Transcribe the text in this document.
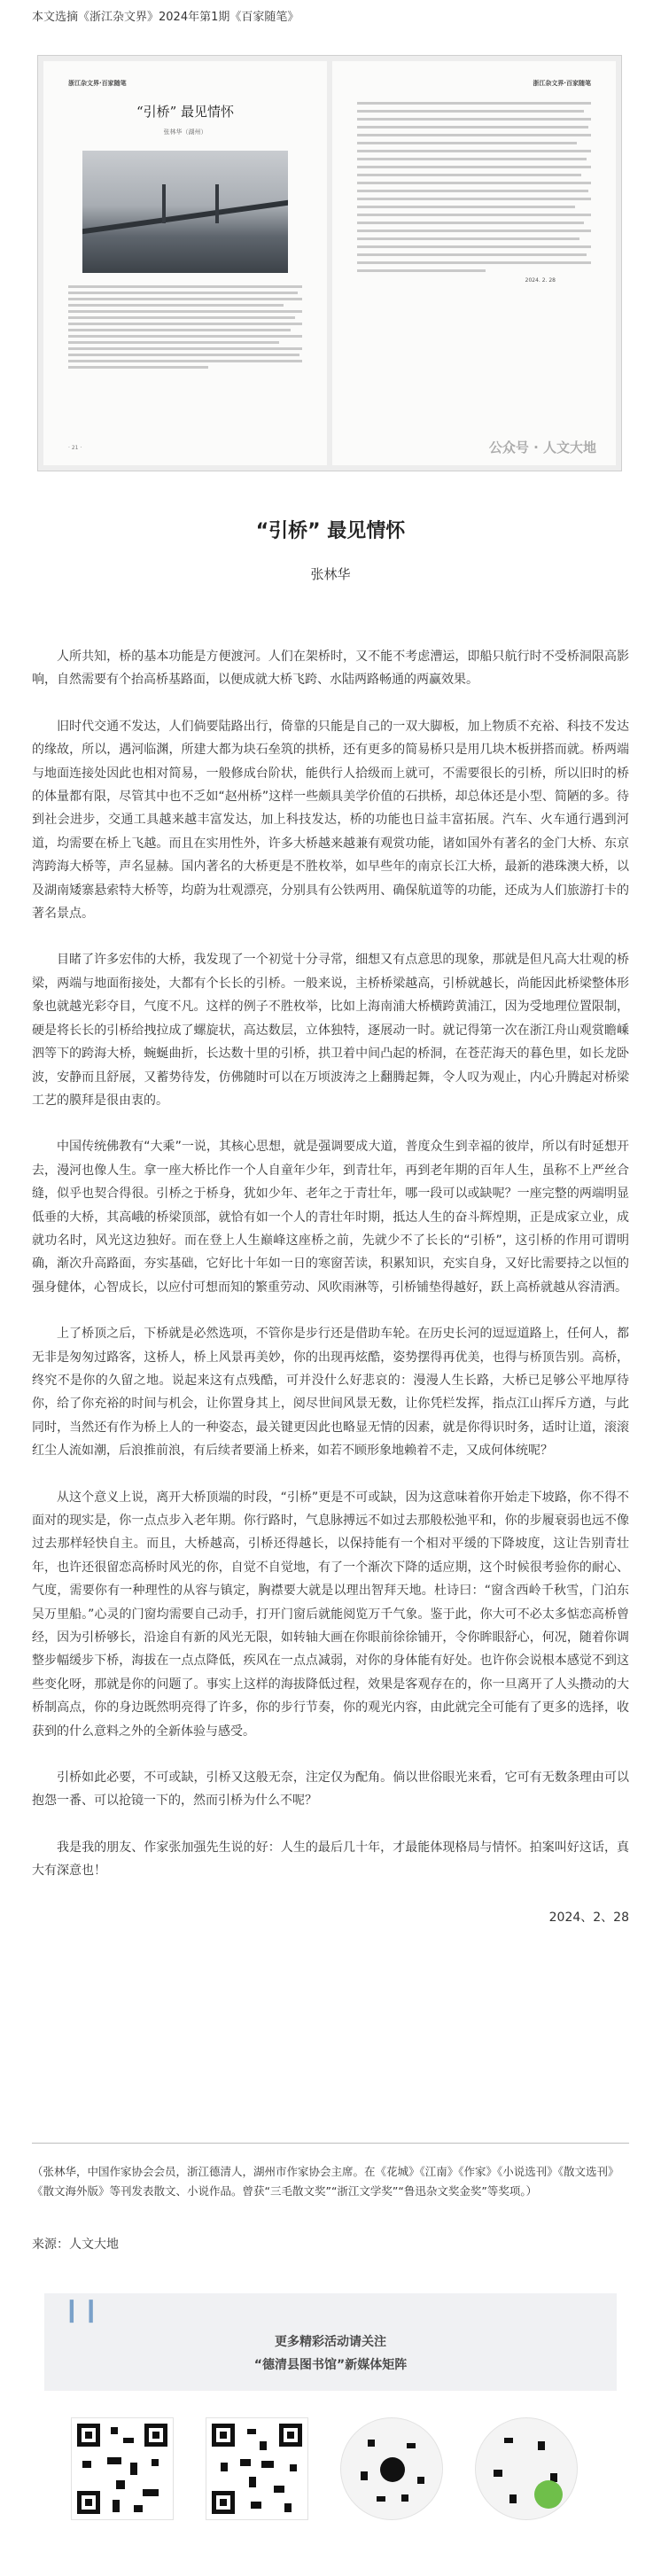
本文选摘《浙江杂文界》2024年第1期《百家随笔》
浙江杂文界·百家随笔
“引桥” 最见情怀
张林华（湖州）
· 21 ·
浙江杂文界·百家随笔
2024. 2. 28
公众号 · 人文大地
“引桥” 最见情怀
张林华

人所共知，桥的基本功能是方便渡河。人们在架桥时，又不能不考虑漕运，即船只航行时不受桥洞限高影响，自然需要有个抬高桥基路面，以便成就大桥飞跨、水陆两路畅通的两赢效果。

旧时代交通不发达，人们倘要陆路出行，倚靠的只能是自己的一双大脚板，加上物质不充裕、科技不发达的缘故，所以，遇河临渊，所建大都为块石垒筑的拱桥，还有更多的简易桥只是用几块木板拼搭而就。桥两端与地面连接处因此也相对简易，一般修成台阶状，能供行人拾级而上就可，不需要很长的引桥，所以旧时的桥的体量都有限，尽管其中也不乏如“赵州桥”这样一些颇具美学价值的石拱桥，却总体还是小型、简陋的多。待到社会进步，交通工具越来越丰富发达，加上科技发达，桥的功能也日益丰富拓展。汽车、火车通行遇到河道，均需要在桥上飞越。而且在实用性外，许多大桥越来越兼有观赏功能，诸如国外有著名的金门大桥、东京湾跨海大桥等，声名显赫。国内著名的大桥更是不胜枚举，如早些年的南京长江大桥，最新的港珠澳大桥，以及湖南矮寨悬索特大桥等，均蔚为壮观漂亮，分别具有公铁两用、确保航道等的功能，还成为人们旅游打卡的著名景点。

目睹了许多宏伟的大桥，我发现了一个初觉十分寻常，细想又有点意思的现象，那就是但凡高大壮观的桥梁，两端与地面衔接处，大都有个长长的引桥。一般来说，主桥桥梁越高，引桥就越长，尚能因此桥梁整体形象也就越光彩夺目，气度不凡。这样的例子不胜枚举，比如上海南浦大桥横跨黄浦江，因为受地理位置限制，硬是将长长的引桥给拽拉成了螺旋状，高达数层，立体独特，逐展动一时。就记得第一次在浙江舟山观赏瞻嵊泗等下的跨海大桥，蜿蜒曲折，长达数十里的引桥，拱卫着中间凸起的桥洞，在苍茫海天的暮色里，如长龙卧波，安静而且舒展，又蓄势待发，仿佛随时可以在万顷波涛之上翻腾起舞，令人叹为观止，内心升腾起对桥梁工艺的膜拜是很由衷的。

中国传统佛教有“大乘”一说，其核心思想，就是强调要成大道，普度众生到幸福的彼岸，所以有时延想开去，漫河也像人生。拿一座大桥比作一个人自童年少年，到青壮年，再到老年期的百年人生，虽称不上严丝合缝，似乎也契合得很。引桥之于桥身，犹如少年、老年之于青壮年，哪一段可以或缺呢？一座完整的两端明显低垂的大桥，其高峨的桥梁顶部，就恰有如一个人的青壮年时期，抵达人生的奋斗辉煌期，正是成家立业，成就功名时，风光这边独好。而在登上人生巅峰这座桥之前，先就少不了长长的“引桥”，这引桥的作用可谓明确，渐次升高路面，夯实基础，它好比十年如一日的寒窗苦读，积累知识，充实自身，又好比需要持之以恒的强身健体，心智成长，以应付可想而知的繁重劳动、风吹雨淋等，引桥铺垫得越好，跃上高桥就越从容清洒。

上了桥顶之后，下桥就是必然选项，不管你是步行还是借助车轮。在历史长河的逗逗道路上，任何人，都无非是匆匆过路客，这桥人，桥上风景再美妙，你的出现再炫酷，姿势摆得再优美，也得与桥顶告别。高桥，终究不是你的久留之地。说起来这有点残酷，可并没什么好悲哀的：漫漫人生长路，大桥已足够公平地厚待你，给了你充裕的时间与机会，让你置身其上，阅尽世间风景无数，让你凭栏发挥，指点江山挥斥方遒，与此同时，当然还有作为桥上人的一种姿态，最关键更因此也略显无情的因素，就是你得识时务，适时让道，滚滚红尘人流如潮，后浪推前浪，有后续者要涌上桥来，如若不顾形象地赖着不走，又成何体统呢？

从这个意义上说，离开大桥顶端的时段，“引桥”更是不可或缺，因为这意味着你开始走下坡路，你不得不面对的现实是，你一点点步入老年期。你行路时，气息脉搏远不如过去那般松弛平和，你的步履衰弱也远不像过去那样轻快自主。而且，大桥越高，引桥还得越长，以保持能有一个相对平缓的下降坡度，这让告别青壮年，也许还很留恋高桥时风光的你，自觉不自觉地，有了一个渐次下降的适应期，这个时候很考验你的耐心、气度，需要你有一种理性的从容与镇定，胸襟要大就是以理出智拜天地。杜诗曰：“窗含西岭千秋雪，门泊东吴万里船。”心灵的门窗均需要自己动手，打开门窗后就能阅览万千气象。鉴于此，你大可不必太多惦恋高桥曾经，因为引桥够长，沿途自有新的风光无限，如转轴大画在你眼前徐徐铺开，令你眸眼舒心，何况，随着你调整步幅缓步下桥，海拔在一点点降低，疾风在一点点减弱，对你的身体能有好处。也许你会说根本感觉不到这些变化呀，那就是你的问题了。事实上这样的海拔降低过程，效果是客观存在的，你一旦离开了人头攒动的大桥制高点，你的身边既然明亮得了许多，你的步行节奏，你的观光内容，由此就完全可能有了更多的选择，收获到的什么意料之外的全新体验与感受。

引桥如此必要，不可或缺，引桥又这般无奈，注定仅为配角。倘以世俗眼光来看，它可有无数条理由可以抱怨一番、可以抢镜一下的，然而引桥为什么不呢？

我是我的朋友、作家张加强先生说的好：人生的最后几十年，才最能体现格局与情怀。拍案叫好这话，真大有深意也！

2024、2、28

（张林华，中国作家协会会员，浙江德清人，湖州市作家协会主席。在《花城》《江南》《作家》《小说选刊》《散文选刊》《散文海外版》等刊发表散文、小说作品。曾获“三毛散文奖”“浙江文学奖”“鲁迅杂文奖金奖”等奖项。）
来源：人文大地
❙❙
更多精彩活动请关注
“德清县图书馆”新媒体矩阵
